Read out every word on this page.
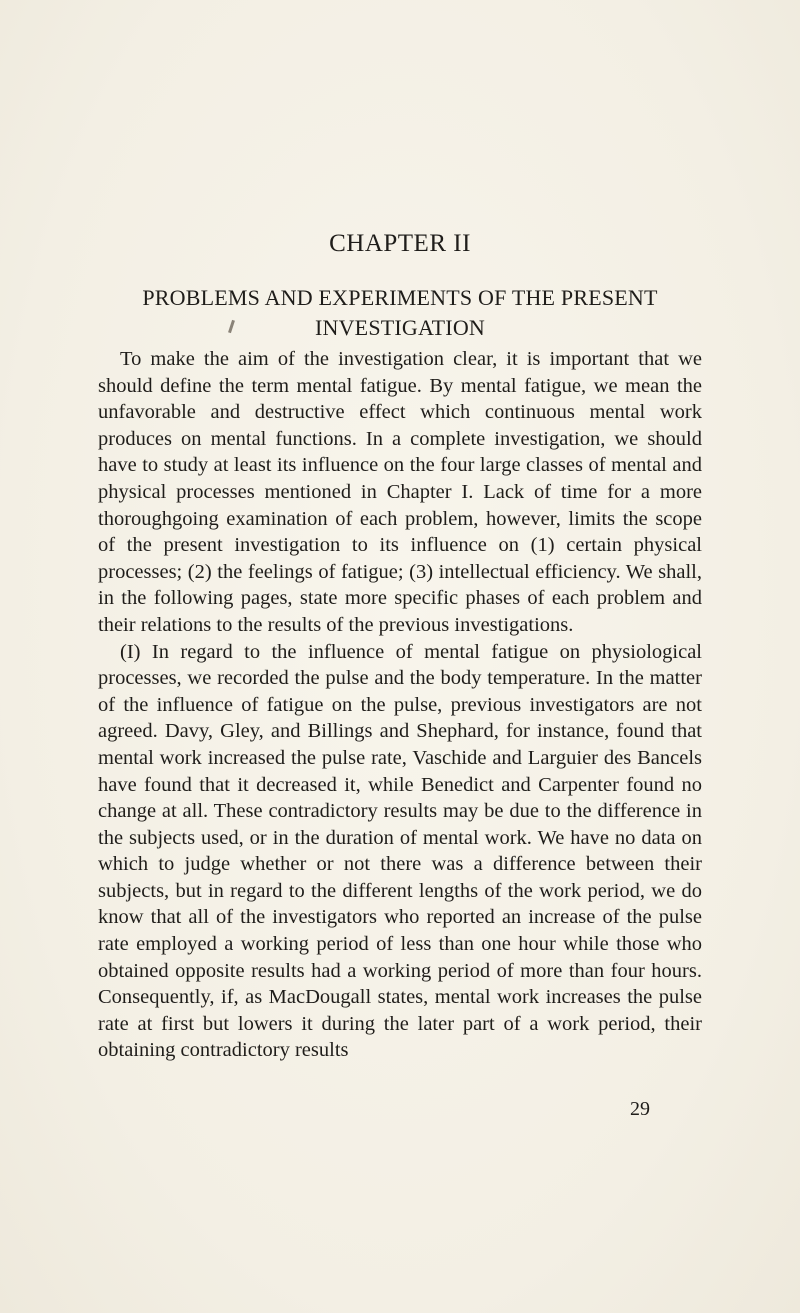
CHAPTER II
PROBLEMS AND EXPERIMENTS OF THE PRESENT
INVESTIGATION

To make the aim of the investigation clear, it is important that we should define the term mental fatigue. By mental fatigue, we mean the unfavorable and destructive effect which continuous mental work produces on mental functions. In a complete investigation, we should have to study at least its influence on the four large classes of mental and physical processes mentioned in Chapter I. Lack of time for a more thoroughgoing examination of each problem, however, limits the scope of the present investigation to its influence on (1) certain physical processes; (2) the feelings of fatigue; (3) intellectual efficiency. We shall, in the following pages, state more specific phases of each problem and their relations to the results of the previous investigations.

(I) In regard to the influence of mental fatigue on physiological processes, we recorded the pulse and the body temperature. In the matter of the influence of fatigue on the pulse, previous investigators are not agreed. Davy, Gley, and Billings and Shephard, for instance, found that mental work increased the pulse rate, Vaschide and Larguier des Bancels have found that it decreased it, while Benedict and Carpenter found no change at all. These contradictory results may be due to the difference in the subjects used, or in the duration of mental work. We have no data on which to judge whether or not there was a difference between their subjects, but in regard to the different lengths of the work period, we do know that all of the investigators who reported an increase of the pulse rate employed a working period of less than one hour while those who obtained opposite results had a working period of more than four hours. Consequently, if, as MacDougall states, mental work increases the pulse rate at first but lowers it during the later part of a work period, their obtaining contradictory results

29
